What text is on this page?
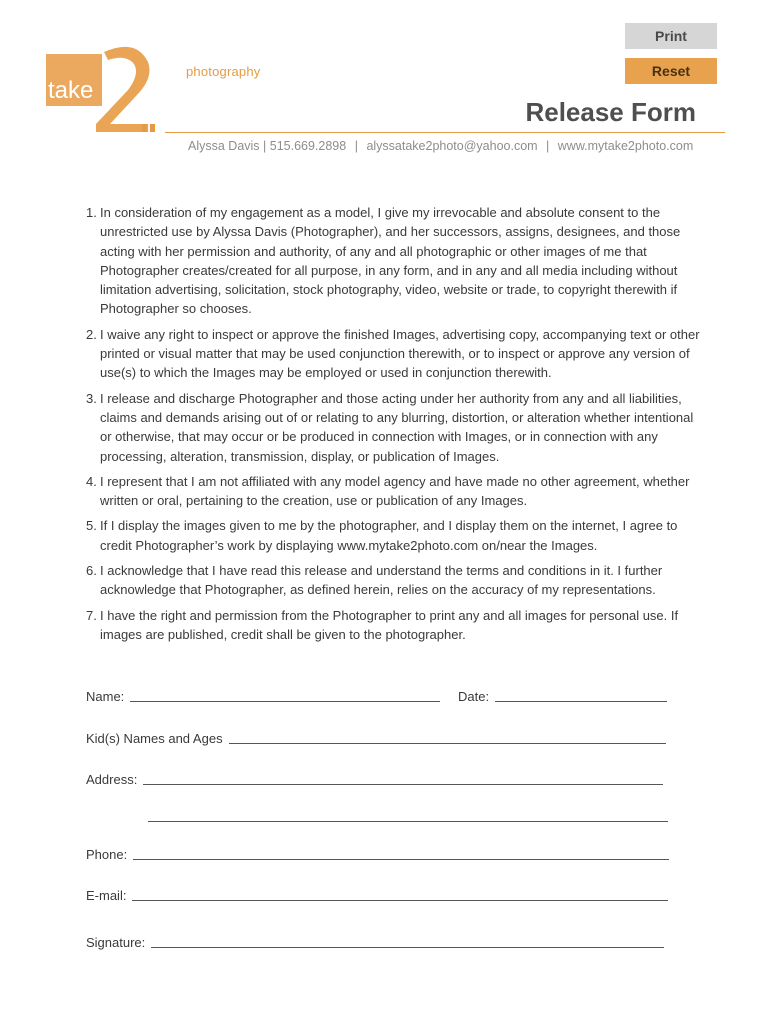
Print
Reset
take
photography
Release Form
Alyssa Davis | 515.669.2898 | alyssatake2photo@yahoo.com | www.mytake2photo.com
1. In consideration of my engagement as a model, I give my irrevocable and absolute consent to the unrestricted use by Alyssa Davis (Photographer), and her successors, assigns, designees, and those acting with her permission and authority, of any and all photographic or other images of me that Photographer creates/created for all purpose, in any form, and in any and all media including without limitation advertising, solicitation, stock photography, video, website or trade, to copyright therewith if Photographer so chooses.
2. I waive any right to inspect or approve the finished Images, advertising copy, accompanying text or other printed or visual matter that may be used conjunction therewith, or to inspect or approve any version of use(s) to which the Images may be employed or used in conjunction therewith.
3. I release and discharge Photographer and those acting under her authority from any and all liabilities, claims and demands arising out of or relating to any blurring, distortion, or alteration whether intentional or otherwise, that may occur or be produced in connection with Images, or in connection with any processing, alteration, transmission, display, or publication of Images.
4. I represent that I am not affiliated with any model agency and have made no other agreement, whether written or oral, pertaining to the creation, use or publication of any Images.
5. If I display the images given to me by the photographer, and I display them on the internet, I agree to credit Photographer’s work by displaying www.mytake2photo.com on/near the Images.
6. I acknowledge that I have read this release and understand the terms and conditions in it. I further acknowledge that Photographer, as defined herein, relies on the accuracy of my representations.
7. I have the right and permission from the Photographer to print any and all images for personal use. If images are published, credit shall be given to the photographer.
Name:	Date:
Kid(s) Names and Ages
Address:
Phone:
E-mail:
Signature:
